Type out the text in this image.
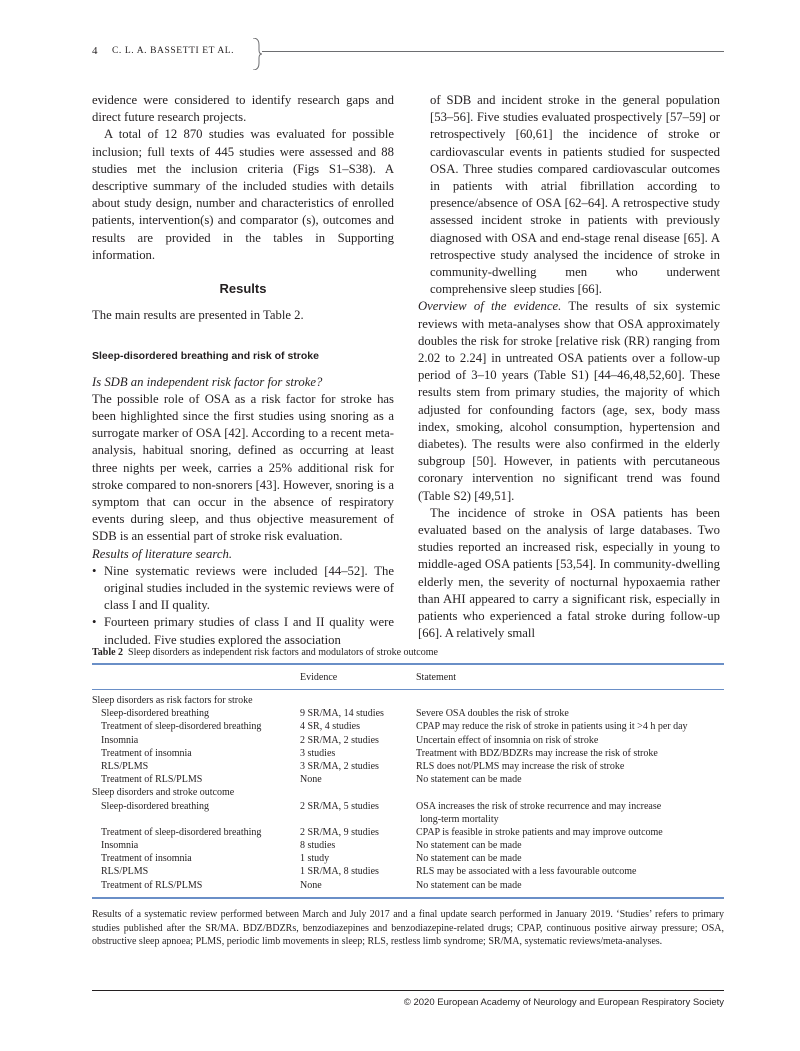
4 C. L. A. BASSETTI ET AL.

evidence were considered to identify research gaps and direct future research projects.

A total of 12 870 studies was evaluated for possible inclusion; full texts of 445 studies were assessed and 88 studies met the inclusion criteria (Figs S1–S38). A descriptive summary of the included studies with details about study design, number and characteristics of enrolled patients, intervention(s) and comparator (s), outcomes and results are provided in the tables in Supporting information.

Results

The main results are presented in Table 2.

Sleep-disordered breathing and risk of stroke

Is SDB an independent risk factor for stroke?

The possible role of OSA as a risk factor for stroke has been highlighted since the first studies using snoring as a surrogate marker of OSA [42]. According to a recent meta-analysis, habitual snoring, defined as occurring at least three nights per week, carries a 25% additional risk for stroke compared to non-snorers [43]. However, snoring is a symptom that can occur in the absence of respiratory events during sleep, and thus objective measurement of SDB is an essential part of stroke risk evaluation.

Results of literature search.

• Nine systematic reviews were included [44–52]. The original studies included in the systemic reviews were of class I and II quality.

• Fourteen primary studies of class I and II quality were included. Five studies explored the association

of SDB and incident stroke in the general population [53–56]. Five studies evaluated prospectively [57–59] or retrospectively [60,61] the incidence of stroke or cardiovascular events in patients studied for suspected OSA. Three studies compared cardiovascular outcomes in patients with atrial fibrillation according to presence/absence of OSA [62–64]. A retrospective study assessed incident stroke in patients with previously diagnosed with OSA and end-stage renal disease [65]. A retrospective study analysed the incidence of stroke in community-dwelling men who underwent comprehensive sleep studies [66].

Overview of the evidence. The results of six systemic reviews with meta-analyses show that OSA approximately doubles the risk for stroke [relative risk (RR) ranging from 2.02 to 2.24] in untreated OSA patients over a follow-up period of 3–10 years (Table S1) [44–46,48,52,60]. These results stem from primary studies, the majority of which adjusted for confounding factors (age, sex, body mass index, smoking, alcohol consumption, hypertension and diabetes). The results were also confirmed in the elderly subgroup [50]. However, in patients with percutaneous coronary intervention no significant trend was found (Table S2) [49,51].

The incidence of stroke in OSA patients has been evaluated based on the analysis of large databases. Two studies reported an increased risk, especially in young to middle-aged OSA patients [53,54]. In community-dwelling elderly men, the severity of nocturnal hypoxaemia rather than AHI appeared to carry a significant risk, especially in patients who experienced a fatal stroke during follow-up [66]. A relatively small

Table 2 Sleep disorders as independent risk factors and modulators of stroke outcome
Evidence	Statement
Sleep disorders as risk factors for stroke
Sleep-disordered breathing	9 SR/MA, 14 studies	Severe OSA doubles the risk of stroke
Treatment of sleep-disordered breathing	4 SR, 4 studies	CPAP may reduce the risk of stroke in patients using it >4 h per day
Insomnia	2 SR/MA, 2 studies	Uncertain effect of insomnia on risk of stroke
Treatment of insomnia	3 studies	Treatment with BDZ/BDZRs may increase the risk of stroke
RLS/PLMS	3 SR/MA, 2 studies	RLS does not/PLMS may increase the risk of stroke
Treatment of RLS/PLMS	None	No statement can be made
Sleep disorders and stroke outcome
Sleep-disordered breathing	2 SR/MA, 5 studies	OSA increases the risk of stroke recurrence and may increase
long-term mortality
Treatment of sleep-disordered breathing	2 SR/MA, 9 studies	CPAP is feasible in stroke patients and may improve outcome
Insomnia	8 studies	No statement can be made
Treatment of insomnia	1 study	No statement can be made
RLS/PLMS	1 SR/MA, 8 studies	RLS may be associated with a less favourable outcome
Treatment of RLS/PLMS	None	No statement can be made
Results of a systematic review performed between March and July 2017 and a final update search performed in January 2019. ‘Studies’ refers to primary studies published after the SR/MA. BDZ/BDZRs, benzodiazepines and benzodiazepine-related drugs; CPAP, continuous positive airway pressure; OSA, obstructive sleep apnoea; PLMS, periodic limb movements in sleep; RLS, restless limb syndrome; SR/MA, systematic reviews/meta-analyses.
© 2020 European Academy of Neurology and European Respiratory Society
